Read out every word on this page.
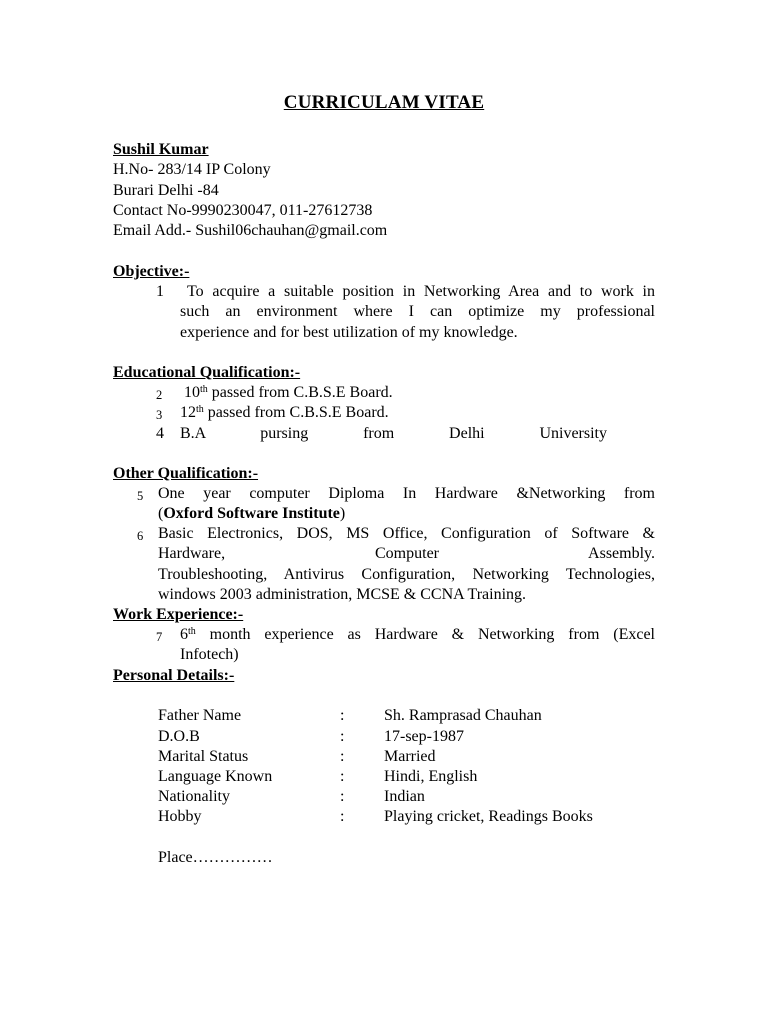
CURRICULAM VITAE
Sushil Kumar
H.No- 283/14 IP Colony
Burari Delhi -84
Contact No-9990230047, 011-27612738
Email Add.- Sushil06chauhan@gmail.com
Objective:-
1	To acquire a suitable position in Networking Area and to work in
such an environment where I can optimize my professional
experience and for best utilization of my knowledge.
Educational Qualification:-
2 10th passed from C.B.S.E Board.
3 12th passed from C.B.S.E Board.
4 B.A pursing from Delhi University
Other Qualification:-
5 One year computer Diploma In Hardware &Networking from
(Oxford Software Institute)
6 Basic Electronics, DOS, MS Office, Configuration of Software &
Hardware, Computer Assembly.
Troubleshooting, Antivirus Configuration, Networking Technologies,
windows 2003 administration, MCSE & CCNA Training.
Work Experience:-
7 6th month experience as Hardware & Networking from (Excel
Infotech)
Personal Details:-
Father Name	: Sh. Ramprasad Chauhan
D.O.B	: 17-sep-1987
Marital Status	: Married
Language Known	: Hindi, English
Nationality	: Indian
Hobby	: Playing cricket, Readings Books
Place……………
